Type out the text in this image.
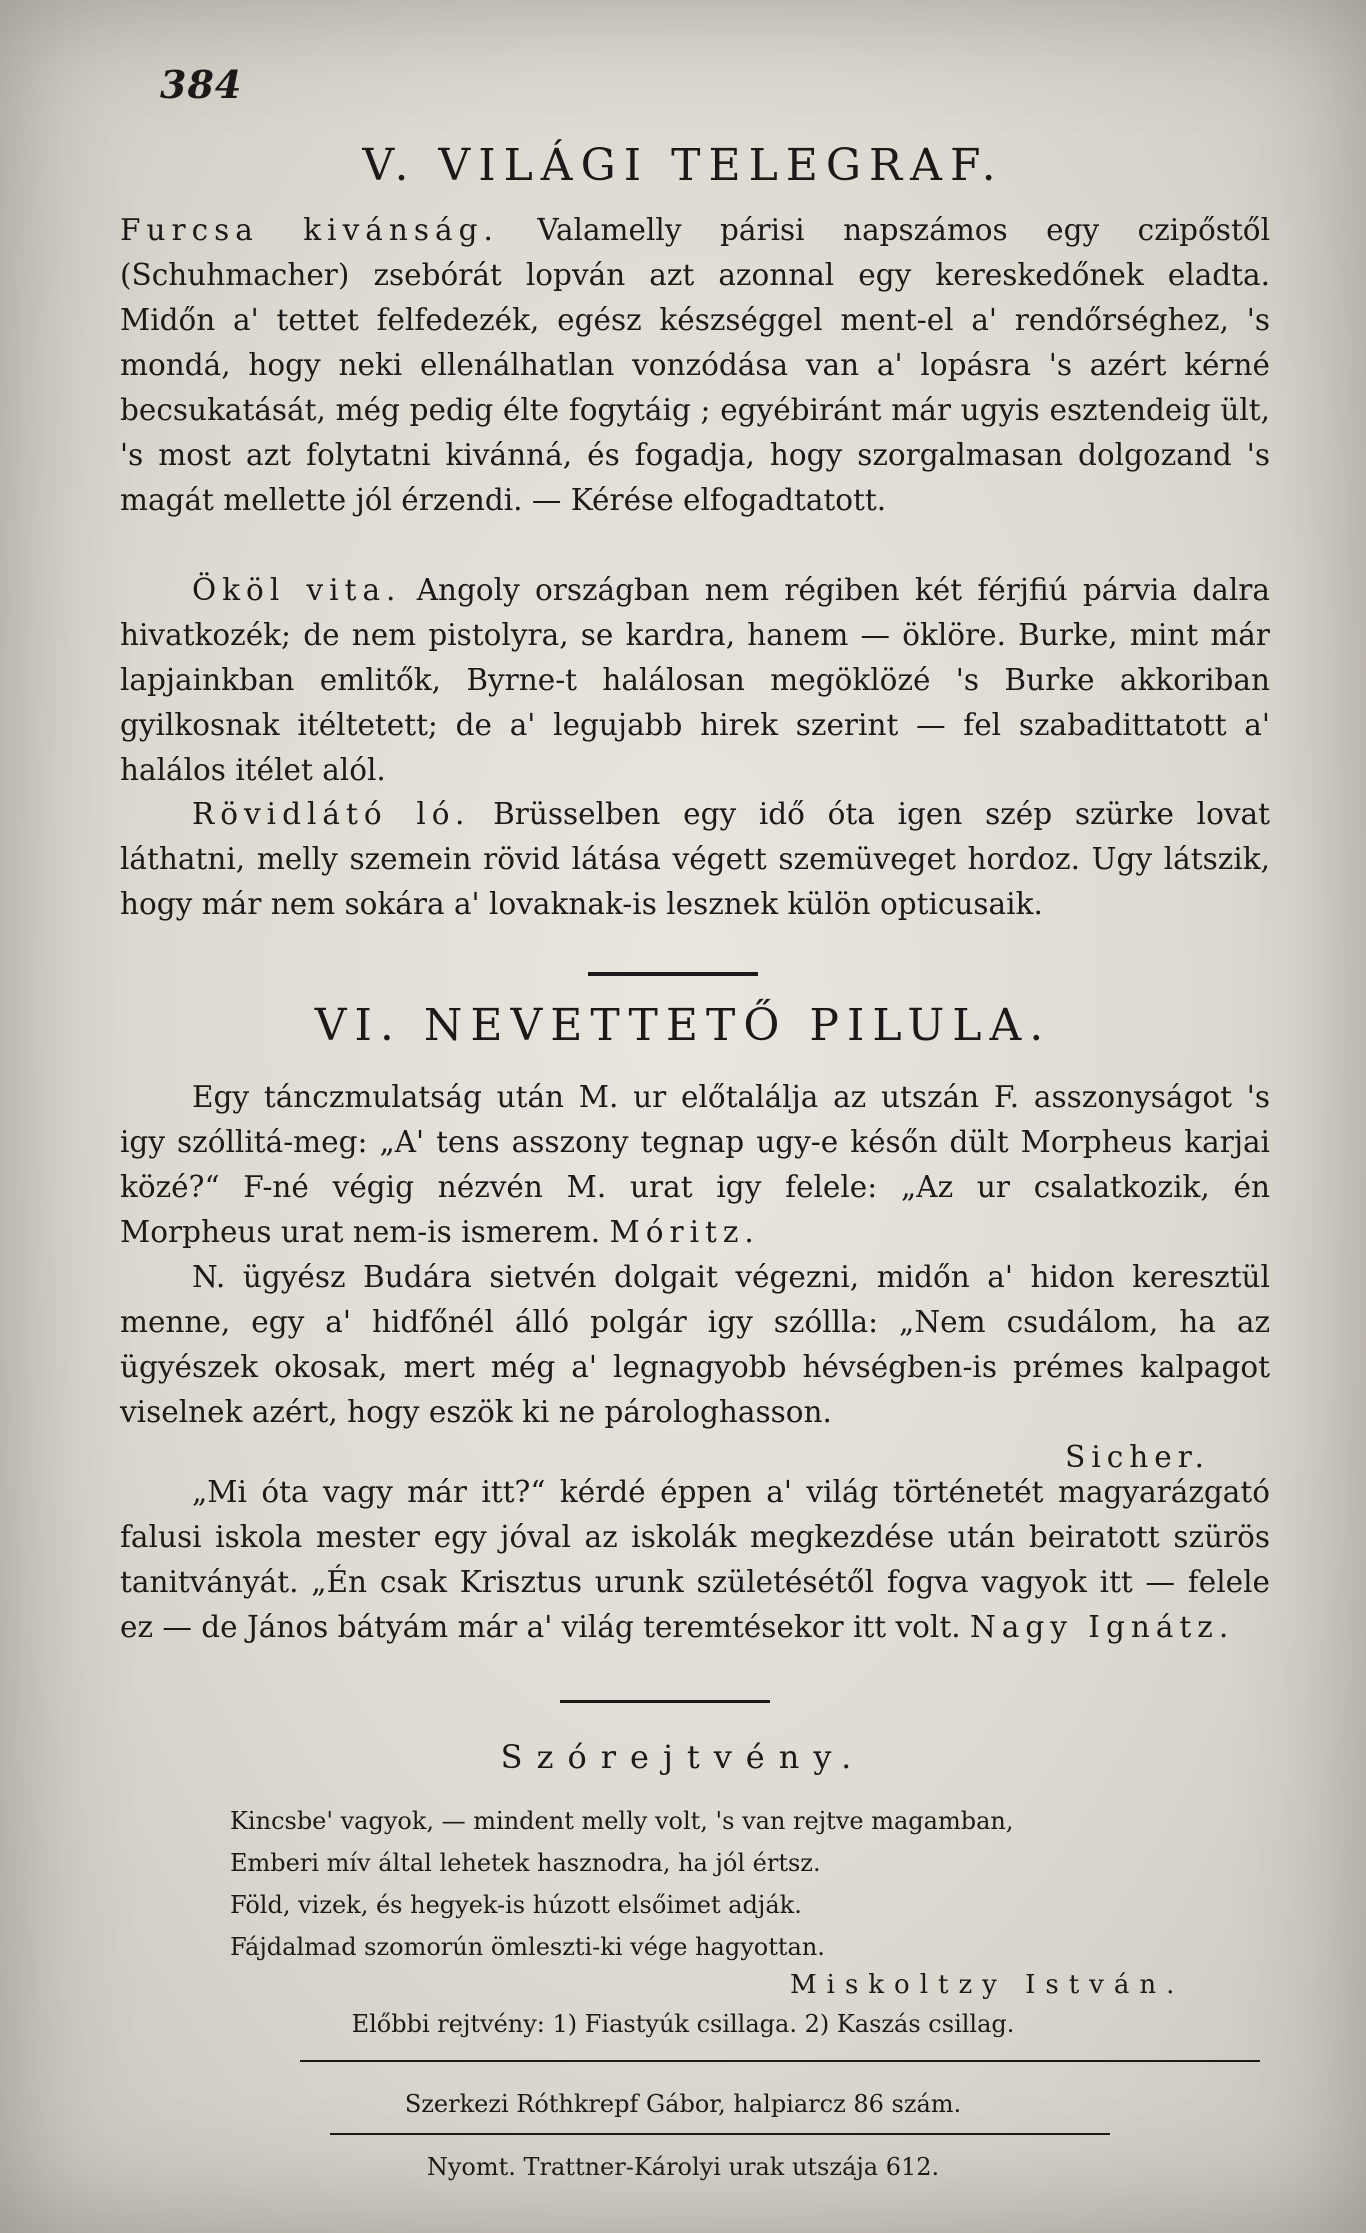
384
V. VILÁGI TELEGRAF.

Furcsa kivánság. Valamelly párisi napszámos egy czipőstől (Schuhmacher) zsebórát lopván azt azonnal egy kereskedőnek eladta. Midőn a' tettet felfedezék, egész készséggel ment-el a' rendőrséghez, 's mondá, hogy neki ellenálhatlan vonzódása van a' lopásra 's azért kérné becsukatását, még pedig élte fogytáig ; egyébiránt már ugyis esztendeig ült, 's most azt folytatni kivánná, és fogadja, hogy szorgalmasan dolgozand 's magát mellette jól érzendi. — Kérése elfogadtatott.

Ököl vita. Angoly országban nem régiben két férjfiú párvia dalra hivatkozék; de nem pistolyra, se kardra, hanem — öklöre. Burke, mint már lapjainkban emlitők, Byrne-t halálosan megöklözé 's Burke akkoriban gyilkosnak itéltetett; de a' legujabb hirek szerint — fel szabadittatott a' halálos itélet alól.

Rövidlátó ló. Brüsselben egy idő óta igen szép szürke lovat láthatni, melly szemein rövid látása végett szemüveget hordoz. Ugy látszik, hogy már nem sokára a' lovaknak-is lesznek külön opticusaik.

VI. NEVETTETŐ PILULA.

Egy tánczmulatság után M. ur előtalálja az utszán F. asszonyságot 's igy szóllitá-meg: „A' tens asszony tegnap ugy-e későn dült Morpheus karjai közé?“ F-né végig nézvén M. urat igy felele: „Az ur csalatkozik, én Morpheus urat nem-is ismerem. Móritz.

N. ügyész Budára sietvén dolgait végezni, midőn a' hidon keresztül menne, egy a' hidfőnél álló polgár igy szóllla: „Nem csudálom, ha az ügyészek okosak, mert még a' legnagyobb hévségben-is prémes kalpagot viselnek azért, hogy eszök ki ne párologhasson.
Sicher.

„Mi óta vagy már itt?“ kérdé éppen a' világ történetét magyarázgató falusi iskola mester egy jóval az iskolák megkezdése után beiratott szürös tanitványát. „Én csak Krisztus urunk születésétől fogva vagyok itt — felele ez — de János bátyám már a' világ teremtésekor itt volt. Nagy Ignátz.

Szórejtvény.
Kincsbe' vagyok, — mindent melly volt, 's van rejtve magamban,
Emberi mív által lehetek hasznodra, ha jól értsz.
Föld, vizek, és hegyek-is húzott elsőimet adják.
Fájdalmad szomorún ömleszti-ki vége hagyottan.
Miskoltzy István.
Előbbi rejtvény: 1) Fiastyúk csillaga. 2) Kaszás csillag.
Szerkezi Róthkrepf Gábor, halpiarcz 86 szám.
Nyomt. Trattner-Károlyi urak utszája 612.
